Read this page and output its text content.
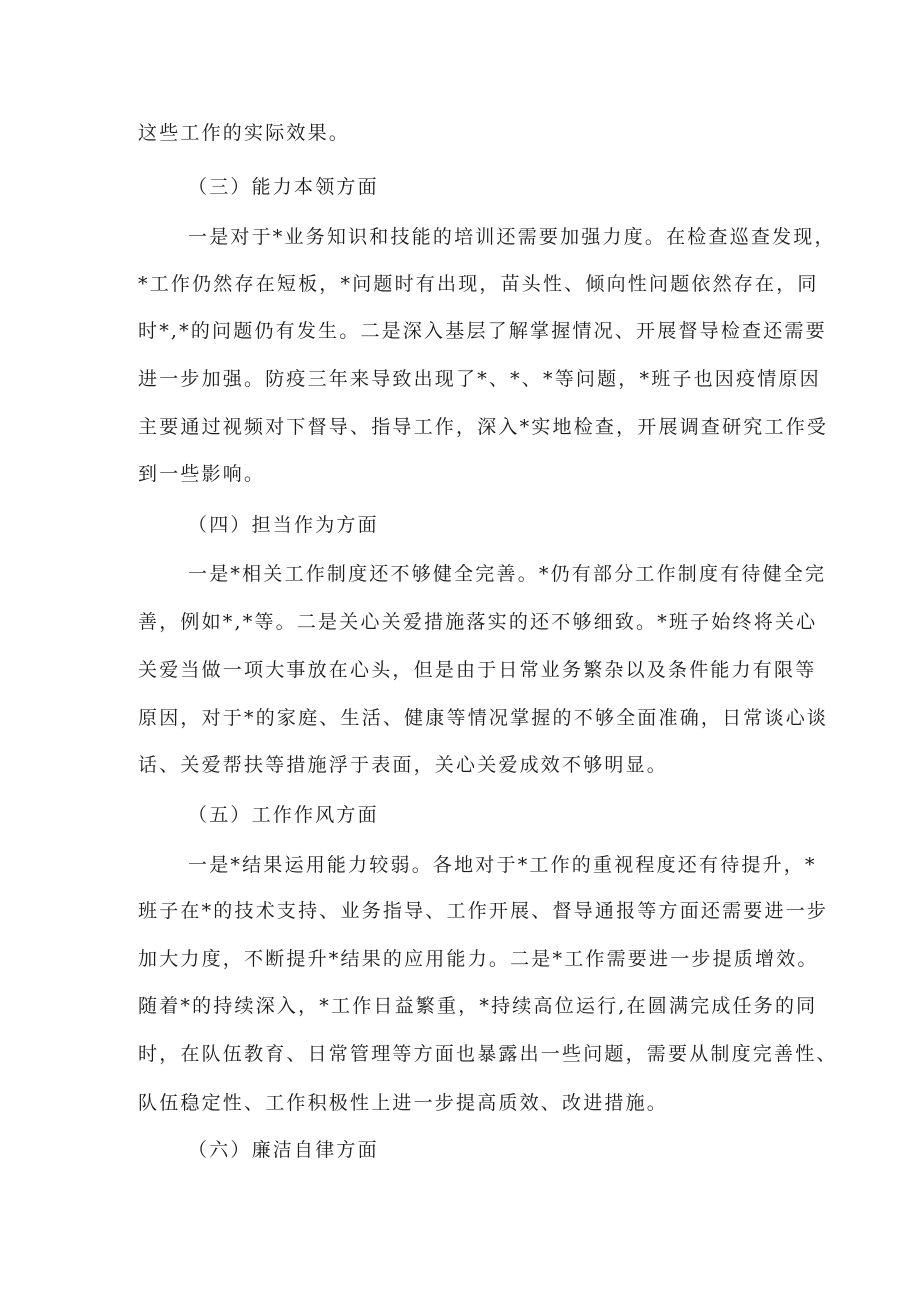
这些工作的实际效果。
（三）能力本领方面
一是对于*业务知识和技能的培训还需要加强力度。在检查巡查发现，
*工作仍然存在短板，*问题时有出现，苗头性、倾向性问题依然存在，同
时*,*的问题仍有发生。二是深入基层了解掌握情况、开展督导检查还需要
进一步加强。防疫三年来导致出现了*、*、*等问题，*班子也因疫情原因
主要通过视频对下督导、指导工作，深入*实地检查，开展调查研究工作受
到一些影响。
（四）担当作为方面
一是*相关工作制度还不够健全完善。*仍有部分工作制度有待健全完
善，例如*,*等。二是关心关爱措施落实的还不够细致。*班子始终将关心
关爱当做一项大事放在心头，但是由于日常业务繁杂以及条件能力有限等
原因，对于*的家庭、生活、健康等情况掌握的不够全面准确，日常谈心谈
话、关爱帮扶等措施浮于表面，关心关爱成效不够明显。
（五）工作作风方面
一是*结果运用能力较弱。各地对于*工作的重视程度还有待提升，*
班子在*的技术支持、业务指导、工作开展、督导通报等方面还需要进一步
加大力度，不断提升*结果的应用能力。二是*工作需要进一步提质增效。
随着*的持续深入，*工作日益繁重，*持续高位运行,在圆满完成任务的同
时，在队伍教育、日常管理等方面也暴露出一些问题，需要从制度完善性、
队伍稳定性、工作积极性上进一步提高质效、改进措施。
（六）廉洁自律方面
